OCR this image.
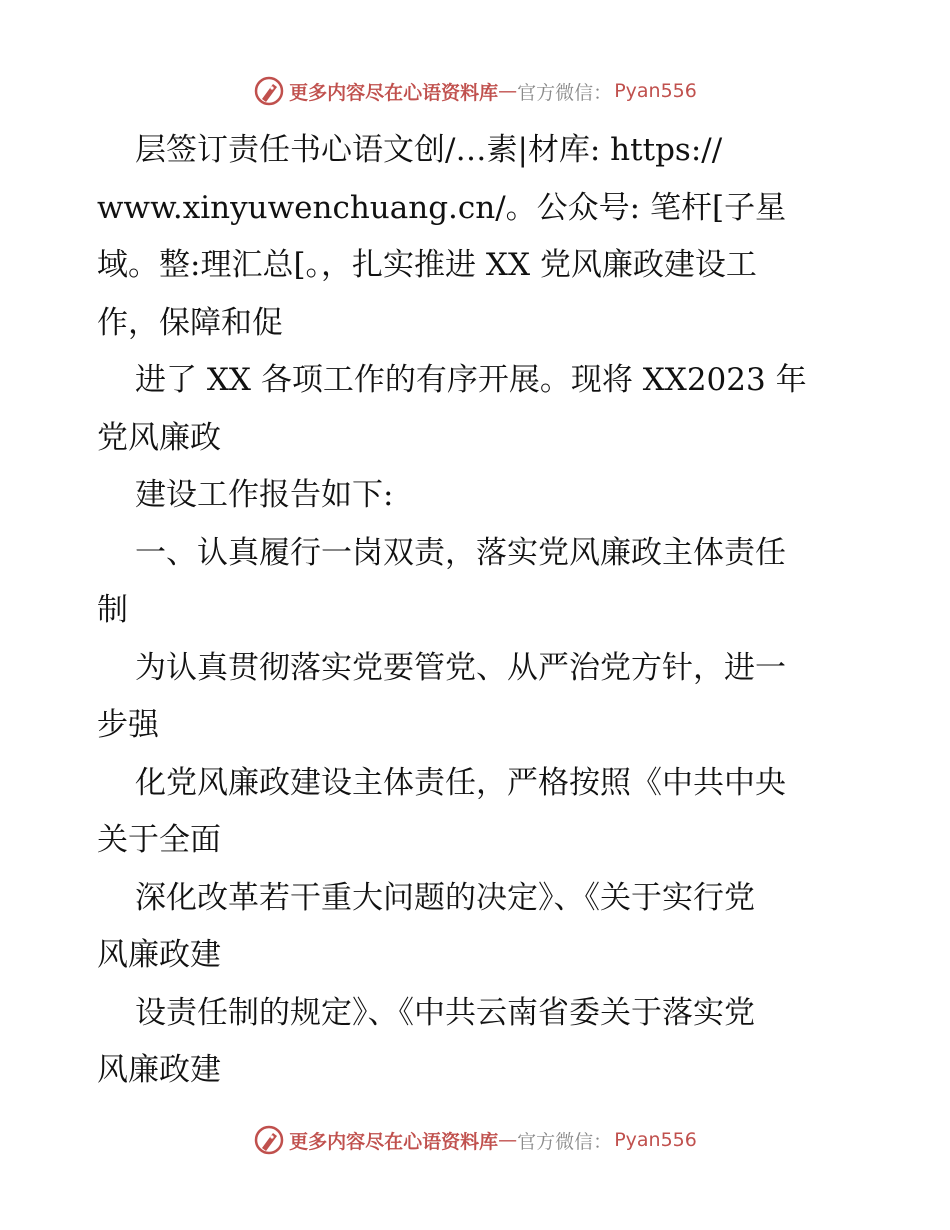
更多内容尽在心语资料库 — 官方微信： Pyan556

层签订责任书心语文创/…素|材库: https://

www.xinyuwenchuang.cn/。公众号: 笔杆[子星

域。整:理汇总[。，扎实推进 XX 党风廉政建设工

作，保障和促

进了 XX 各项工作的有序开展。现将 XX2023 年

党风廉政

建设工作报告如下:

一、认真履行一岗双责，落实党风廉政主体责任

制

为认真贯彻落实党要管党、从严治党方针，进一

步强

化党风廉政建设主体责任，严格按照《中共中央

关于全面

深化改革若干重大问题的决定》、《关于实行党

风廉政建

设责任制的规定》、《中共云南省委关于落实党

风廉政建

更多内容尽在心语资料库 — 官方微信： Pyan556
